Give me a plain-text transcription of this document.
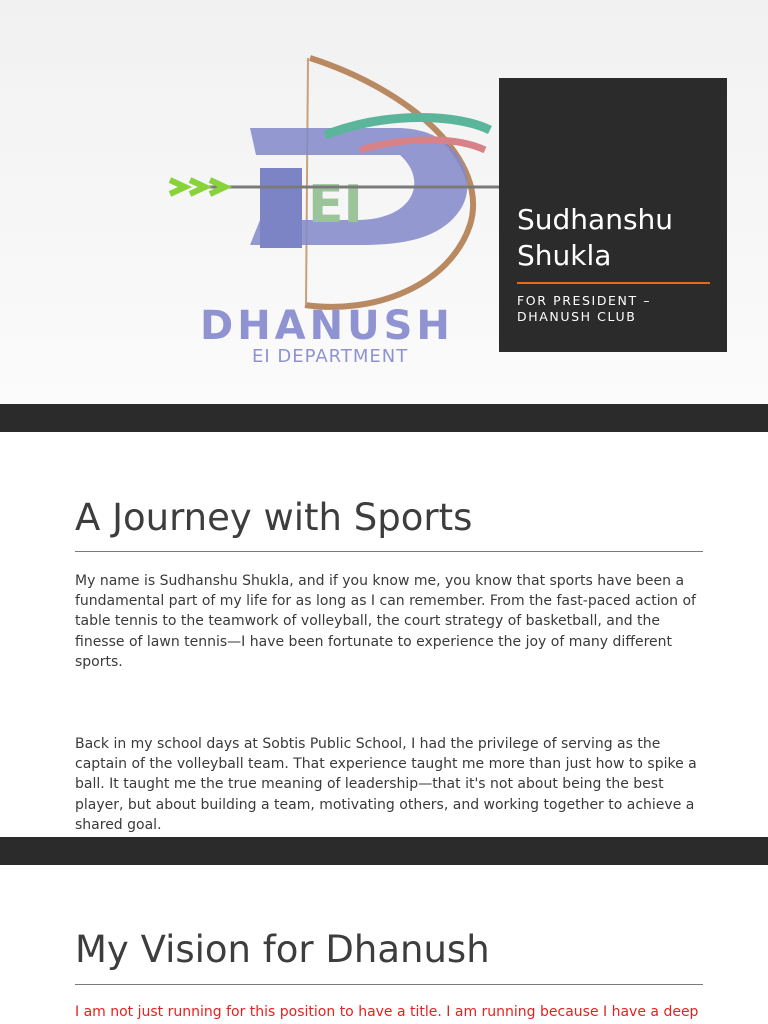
EI
DHANUSH
EI DEPARTMENT
Sudhanshu Shukla
FOR PRESIDENT – DHANUSH CLUB
A Journey with Sports

My name is Sudhanshu Shukla, and if you know me, you know that sports have been a fundamental part of my life for as long as I can remember. From the fast-paced action of table tennis to the teamwork of volleyball, the court strategy of basketball, and the finesse of lawn tennis—I have been fortunate to experience the joy of many different sports.

Back in my school days at Sobtis Public School, I had the privilege of serving as the captain of the volleyball team. That experience taught me more than just how to spike a ball. It taught me the true meaning of leadership—that it's not about being the best player, but about building a team, motivating others, and working together to achieve a shared goal.

My Vision for Dhanush

I am not just running for this position to have a title. I am running because I have a deep
